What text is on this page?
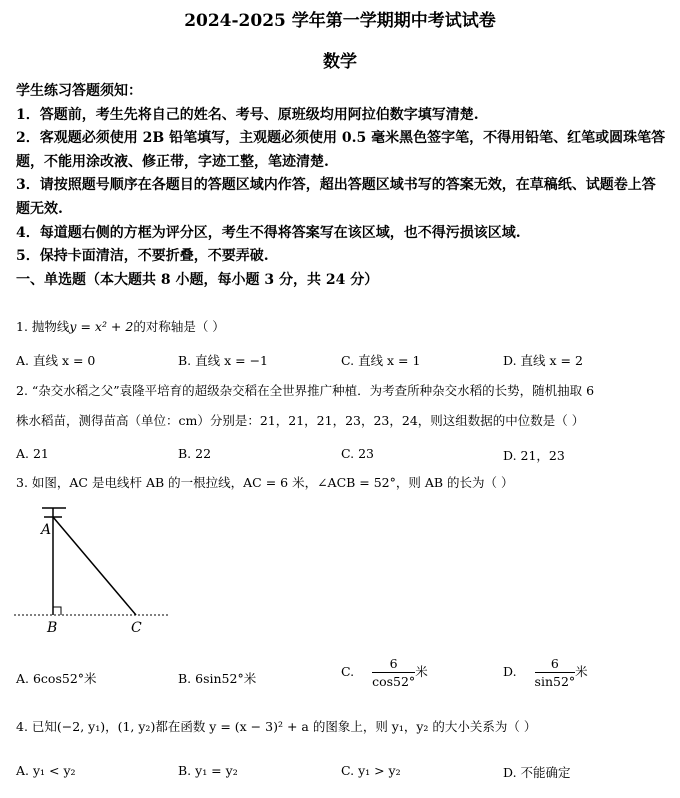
2024-2025 学年第一学期期中考试试卷
数学
学生练习答题须知：
1．答题前，考生先将自己的姓名、考号、原班级均用阿拉伯数字填写清楚.
2．客观题必须使用 2B 铅笔填写，主观题必须使用 0.5 毫米黑色签字笔，不得用铅笔、红笔或圆珠笔答题，不能用涂改液、修正带，字迹工整，笔迹清楚.
3．请按照题号顺序在各题目的答题区域内作答，超出答题区域书写的答案无效，在草稿纸、试题卷上答题无效.
4．每道题右侧的方框为评分区，考生不得将答案写在该区域，也不得污损该区域.
5．保持卡面清洁，不要折叠，不要弄破.
一、单选题（本大题共 8 小题，每小题 3 分，共 24 分）
1. 抛物线y = x² + 2的对称轴是（ ）
A. 直线 x = 0	B. 直线 x = −1	C. 直线 x = 1	D. 直线 x = 2
2. “杂交水稻之父”袁隆平培育的超级杂交稻在全世界推广种植．为考查所种杂交水稻的长势，随机抽取 6
株水稻苗，测得苗高（单位：cm）分别是：21，21，21，23，23，24，则这组数据的中位数是（ ）
A. 21	B. 22	C. 23	D. 21，23
3. 如图，AC 是电线杆 AB 的一根拉线，AC = 6 米，∠ACB = 52°，则 AB 的长为（ ）
A
B	C
A. 6cos52°米	B. 6sin52°米	C. $\frac{6}{\cos 52^\circ}$ 米	D. $\frac{6}{\sin 52^\circ}$ 米
4. 已知(−2, y₁)，(1, y₂)都在函数 y = (x − 3)² + a 的图象上，则 y₁，y₂ 的大小关系为（ ）
A. y₁ < y₂	B. y₁ = y₂	C. y₁ > y₂	D. 不能确定
